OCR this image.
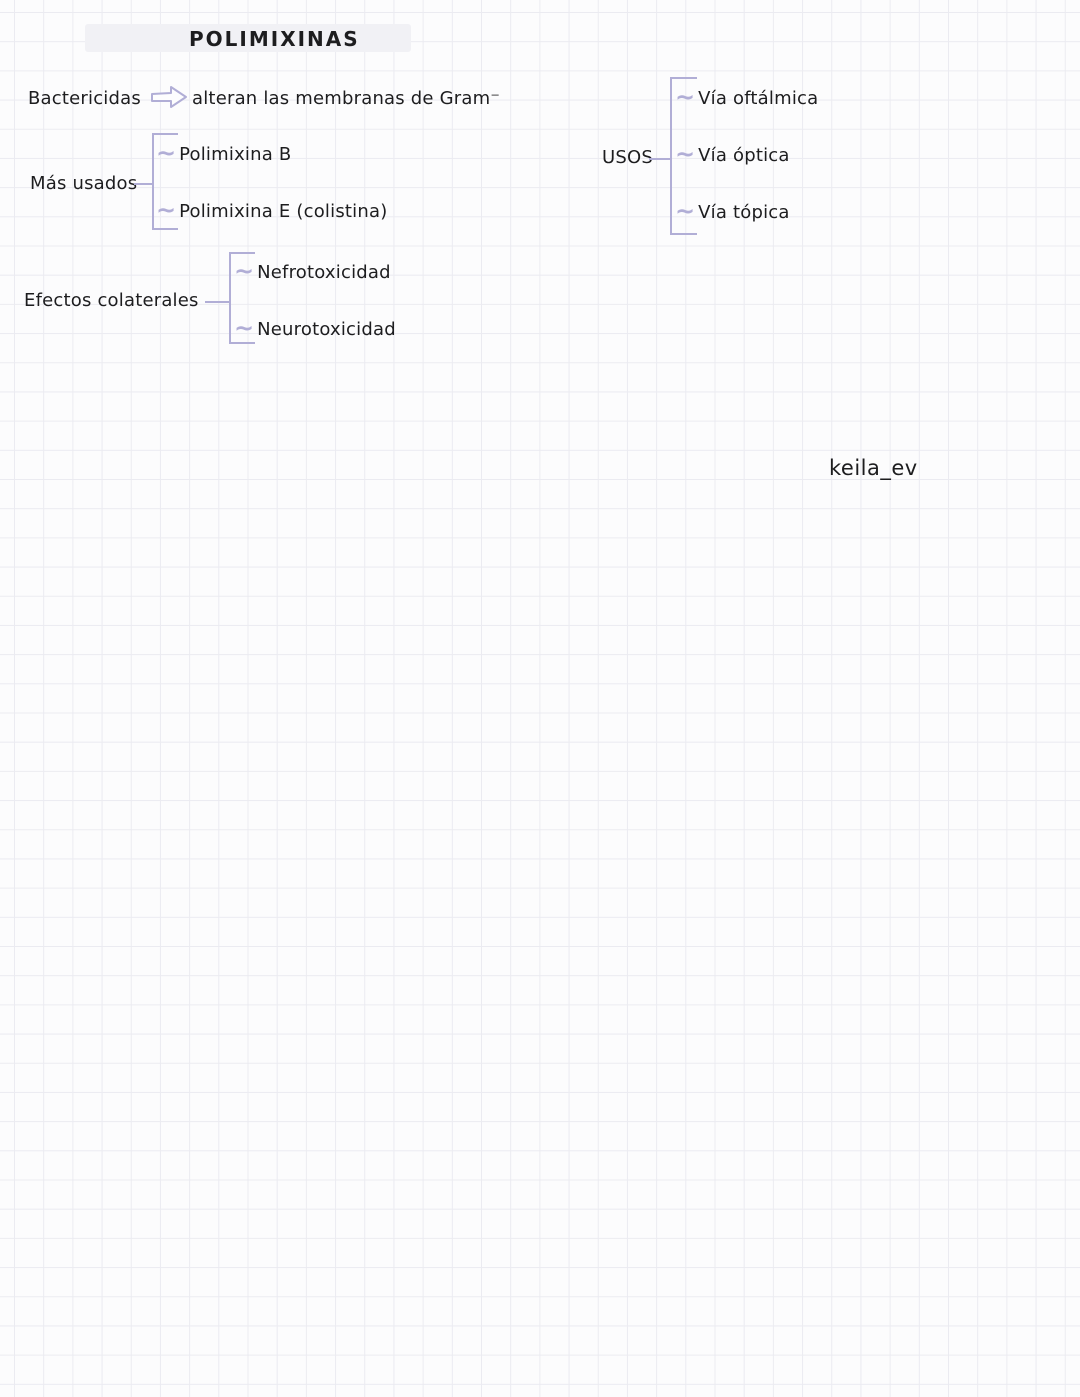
POLIMIXINAS
Bactericidas	alteran las membranas de Gram⁻
Más usados
~ Polimixina B
~ Polimixina E (colistina)
Efectos colaterales
~ Nefrotoxicidad
~ Neurotoxicidad
USOS
~ Vía oftálmica
~ Vía óptica
~ Vía tópica
keila_ev
